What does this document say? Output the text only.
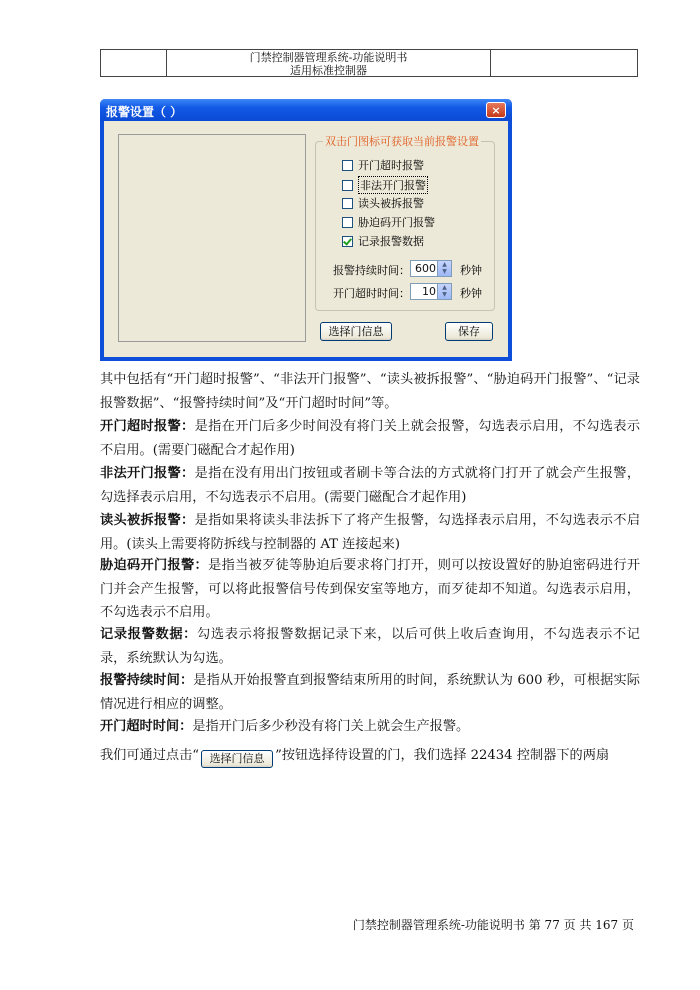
门禁控制器管理系统-功能说明书
适用标准控制器
报警设置（ ）	×
双击门图标可获取当前报警设置
开门超时报警
非法开门报警
读头被拆报警
胁迫码开门报警
记录报警数据
报警持续时间： 600	▲
▼	秒钟
开门超时时间： 10	▲
▼	秒钟
选择门信息	保存

其中包括有“开门超时报警”、“非法开门报警”、“读头被拆报警”、“胁迫码开门报警”、“记录报警数据”、“报警持续时间”及“开门超时时间”等。

开门超时报警：是指在开门后多少时间没有将门关上就会报警，勾选表示启用，不勾选表示不启用。(需要门磁配合才起作用)

非法开门报警：是指在没有用出门按钮或者刷卡等合法的方式就将门打开了就会产生报警，勾选择表示启用，不勾选表示不启用。(需要门磁配合才起作用)

读头被拆报警：是指如果将读头非法拆下了将产生报警，勾选择表示启用，不勾选表示不启用。(读头上需要将防拆线与控制器的 AT 连接起来)

胁迫码开门报警：是指当被歹徒等胁迫后要求将门打开，则可以按设置好的胁迫密码进行开门并会产生报警，可以将此报警信号传到保安室等地方，而歹徒却不知道。勾选表示启用，不勾选表示不启用。

记录报警数据：勾选表示将报警数据记录下来，以后可供上收后查询用，不勾选表示不记录，系统默认为勾选。

报警持续时间：是指从开始报警直到报警结束所用的时间，系统默认为 600 秒，可根据实际情况进行相应的调整。

开门超时时间：是指开门后多少秒没有将门关上就会生产报警。

我们可通过点击“ 选择门信息 ”按钮选择待设置的门，我们选择 22434 控制器下的两扇

门禁控制器管理系统-功能说明书 第 77 页 共 167 页
